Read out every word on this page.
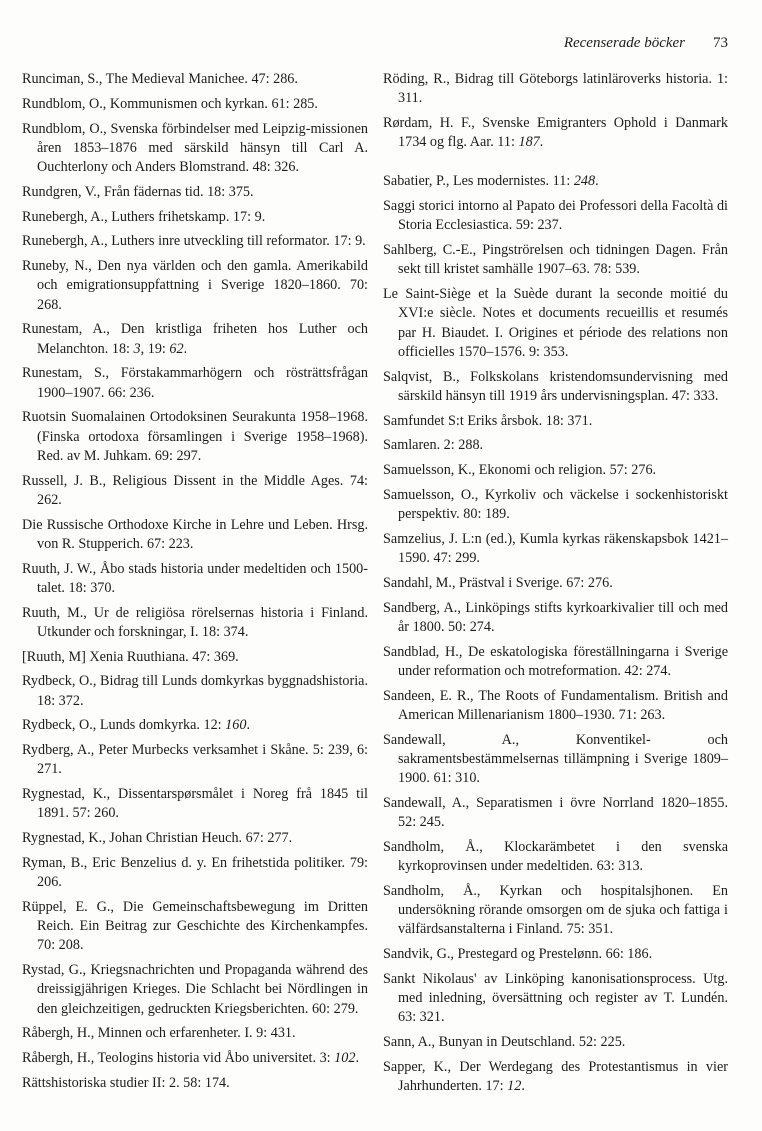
Recenserade böcker 73
Runciman, S., The Medieval Manichee. 47: 286.
Rundblom, O., Kommunismen och kyrkan. 61: 285.
Rundblom, O., Svenska förbindelser med Leipzig-missionen åren 1853–1876 med särskild hänsyn till Carl A. Ouchterlony och Anders Blomstrand. 48: 326.
Rundgren, V., Från fädernas tid. 18: 375.
Runebergh, A., Luthers frihetskamp. 17: 9.
Runebergh, A., Luthers inre utveckling till reformator. 17: 9.
Runeby, N., Den nya världen och den gamla. Amerikabild och emigrationsuppfattning i Sverige 1820–1860. 70: 268.
Runestam, A., Den kristliga friheten hos Luther och Melanchton. 18: 3, 19: 62.
Runestam, S., Förstakammarhögern och rösträttsfrågan 1900–1907. 66: 236.
Ruotsin Suomalainen Ortodoksinen Seurakunta 1958–1968. (Finska ortodoxa församlingen i Sverige 1958–1968). Red. av M. Juhkam. 69: 297.
Russell, J. B., Religious Dissent in the Middle Ages. 74: 262.
Die Russische Orthodoxe Kirche in Lehre und Leben. Hrsg. von R. Stupperich. 67: 223.
Ruuth, J. W., Åbo stads historia under medeltiden och 1500-talet. 18: 370.
Ruuth, M., Ur de religiösa rörelsernas historia i Finland. Utkunder och forskningar, I. 18: 374.
[Ruuth, M] Xenia Ruuthiana. 47: 369.
Rydbeck, O., Bidrag till Lunds domkyrkas byggnadshistoria. 18: 372.
Rydbeck, O., Lunds domkyrka. 12: 160.
Rydberg, A., Peter Murbecks verksamhet i Skåne. 5: 239, 6: 271.
Rygnestad, K., Dissentarspørsmålet i Noreg frå 1845 til 1891. 57: 260.
Rygnestad, K., Johan Christian Heuch. 67: 277.
Ryman, B., Eric Benzelius d. y. En frihetstida politiker. 79: 206.
Rüppel, E. G., Die Gemeinschaftsbewegung im Dritten Reich. Ein Beitrag zur Geschichte des Kirchenkampfes. 70: 208.
Rystad, G., Kriegsnachrichten und Propaganda während des dreissigjährigen Krieges. Die Schlacht bei Nördlingen in den gleichzeitigen, gedruckten Kriegsberichten. 60: 279.
Råbergh, H., Minnen och erfarenheter. I. 9: 431.
Råbergh, H., Teologins historia vid Åbo universitet. 3: 102.
Rättshistoriska studier II: 2. 58: 174.
Röding, R., Bidrag till Göteborgs latinläroverks historia. 1: 311.
Rørdam, H. F., Svenske Emigranters Ophold i Danmark 1734 og flg. Aar. 11: 187.
Sabatier, P., Les modernistes. 11: 248.
Saggi storici intorno al Papato dei Professori della Facoltà di Storia Ecclesiastica. 59: 237.
Sahlberg, C.-E., Pingströrelsen och tidningen Dagen. Från sekt till kristet samhälle 1907–63. 78: 539.
Le Saint-Siège et la Suède durant la seconde moitié du XVI:e siècle. Notes et documents recueillis et resumés par H. Biaudet. I. Origines et période des relations non officielles 1570–1576. 9: 353.
Salqvist, B., Folkskolans kristendomsundervisning med särskild hänsyn till 1919 års undervisningsplan. 47: 333.
Samfundet S:t Eriks årsbok. 18: 371.
Samlaren. 2: 288.
Samuelsson, K., Ekonomi och religion. 57: 276.
Samuelsson, O., Kyrkoliv och väckelse i sockenhistoriskt perspektiv. 80: 189.
Samzelius, J. L:n (ed.), Kumla kyrkas räkenskapsbok 1421–1590. 47: 299.
Sandahl, M., Prästval i Sverige. 67: 276.
Sandberg, A., Linköpings stifts kyrkoarkivalier till och med år 1800. 50: 274.
Sandblad, H., De eskatologiska föreställningarna i Sverige under reformation och motreformation. 42: 274.
Sandeen, E. R., The Roots of Fundamentalism. British and American Millenarianism 1800–1930. 71: 263.
Sandewall, A., Konventikel- och sakramentsbestämmelsernas tillämpning i Sverige 1809–1900. 61: 310.
Sandewall, A., Separatismen i övre Norrland 1820–1855. 52: 245.
Sandholm, Å., Klockarämbetet i den svenska kyrkoprovinsen under medeltiden. 63: 313.
Sandholm, Å., Kyrkan och hospitalsjhonen. En undersökning rörande omsorgen om de sjuka och fattiga i välfärdsanstalterna i Finland. 75: 351.
Sandvik, G., Prestegard og Prestelønn. 66: 186.
Sankt Nikolaus' av Linköping kanonisationsprocess. Utg. med inledning, översättning och register av T. Lundén. 63: 321.
Sann, A., Bunyan in Deutschland. 52: 225.
Sapper, K., Der Werdegang des Protestantismus in vier Jahrhunderten. 17: 12.
